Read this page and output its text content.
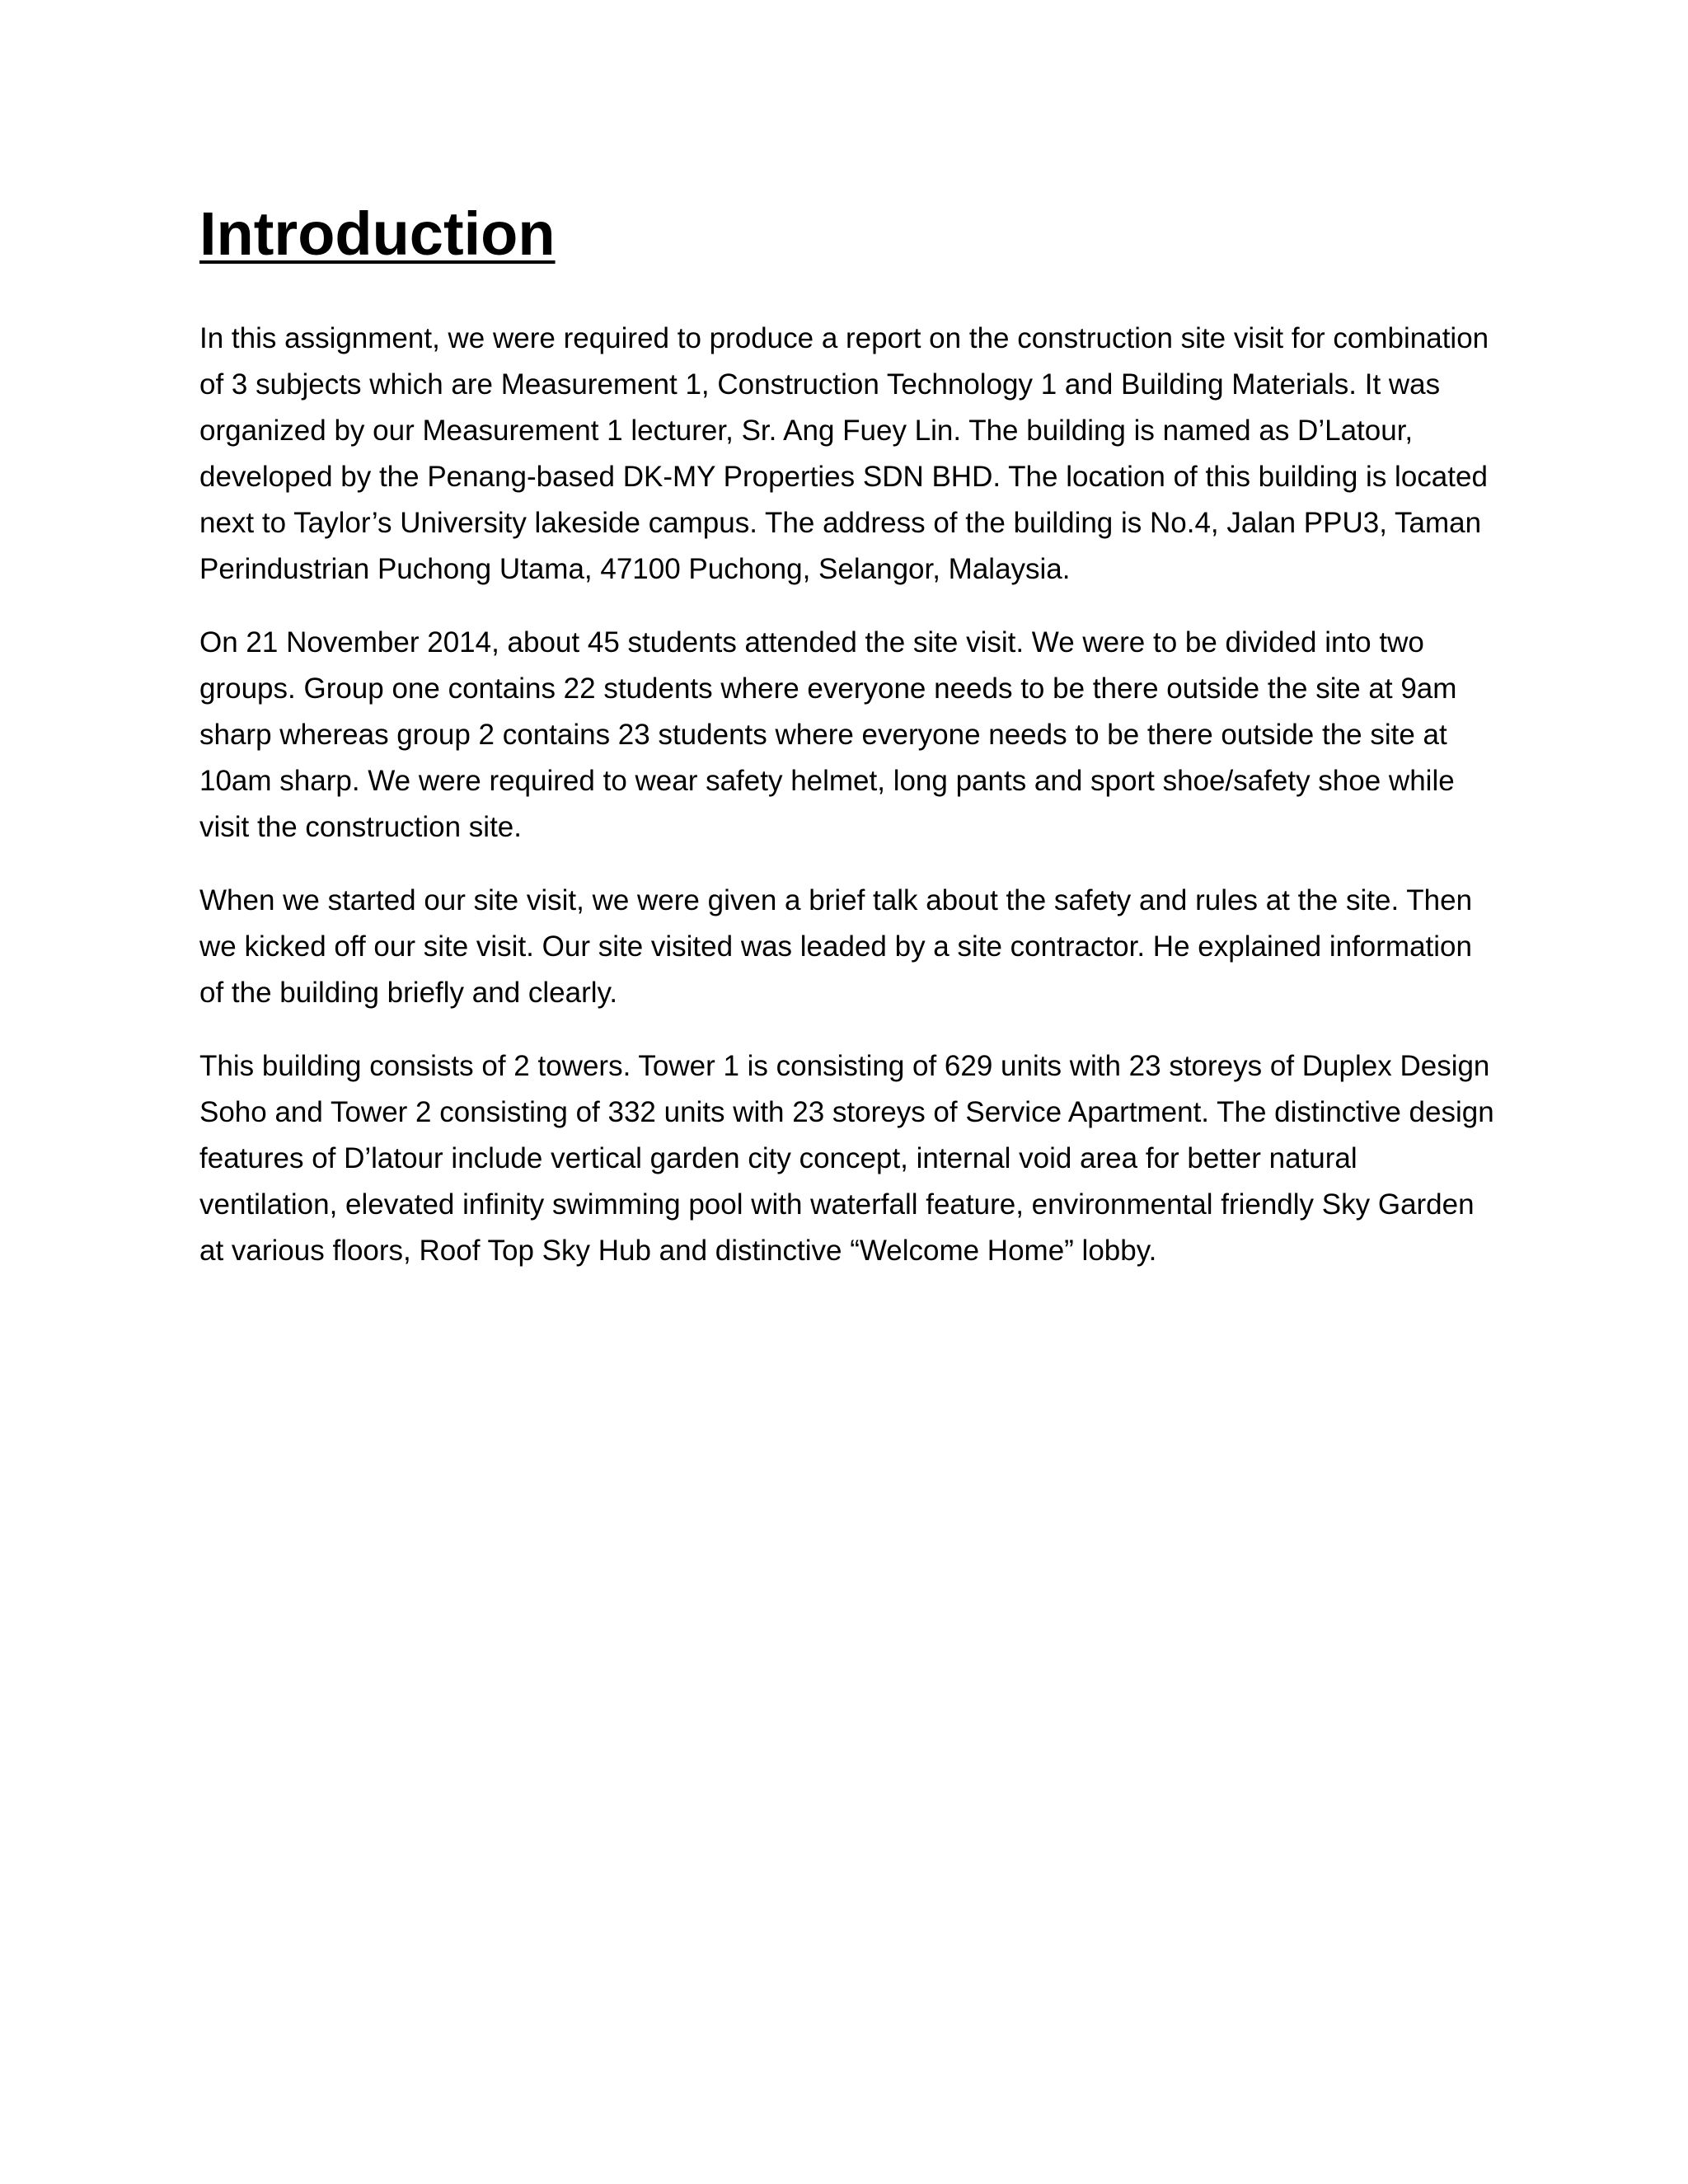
Introduction

In this assignment, we were required to produce a report on the construction site visit for combination of 3 subjects which are Measurement 1, Construction Technology 1 and Building Materials. It was organized by our Measurement 1 lecturer, Sr. Ang Fuey Lin. The building is named as D’Latour, developed by the Penang-based DK-MY Properties SDN BHD. The location of this building is located next to Taylor’s University lakeside campus. The address of the building is No.4, Jalan PPU3, Taman Perindustrian Puchong Utama, 47100 Puchong, Selangor, Malaysia.

On 21 November 2014, about 45 students attended the site visit. We were to be divided into two groups. Group one contains 22 students where everyone needs to be there outside the site at 9am sharp whereas group 2 contains 23 students where everyone needs to be there outside the site at 10am sharp. We were required to wear safety helmet, long pants and sport shoe/safety shoe while visit the construction site.

When we started our site visit, we were given a brief talk about the safety and rules at the site. Then we kicked off our site visit. Our site visited was leaded by a site contractor. He explained information of the building briefly and clearly.

This building consists of 2 towers. Tower 1 is consisting of 629 units with 23 storeys of Duplex Design Soho and Tower 2 consisting of 332 units with 23 storeys of Service Apartment. The distinctive design features of D’latour include vertical garden city concept, internal void area for better natural ventilation, elevated infinity swimming pool with waterfall feature, environmental friendly Sky Garden at various floors, Roof Top Sky Hub and distinctive “Welcome Home” lobby.
